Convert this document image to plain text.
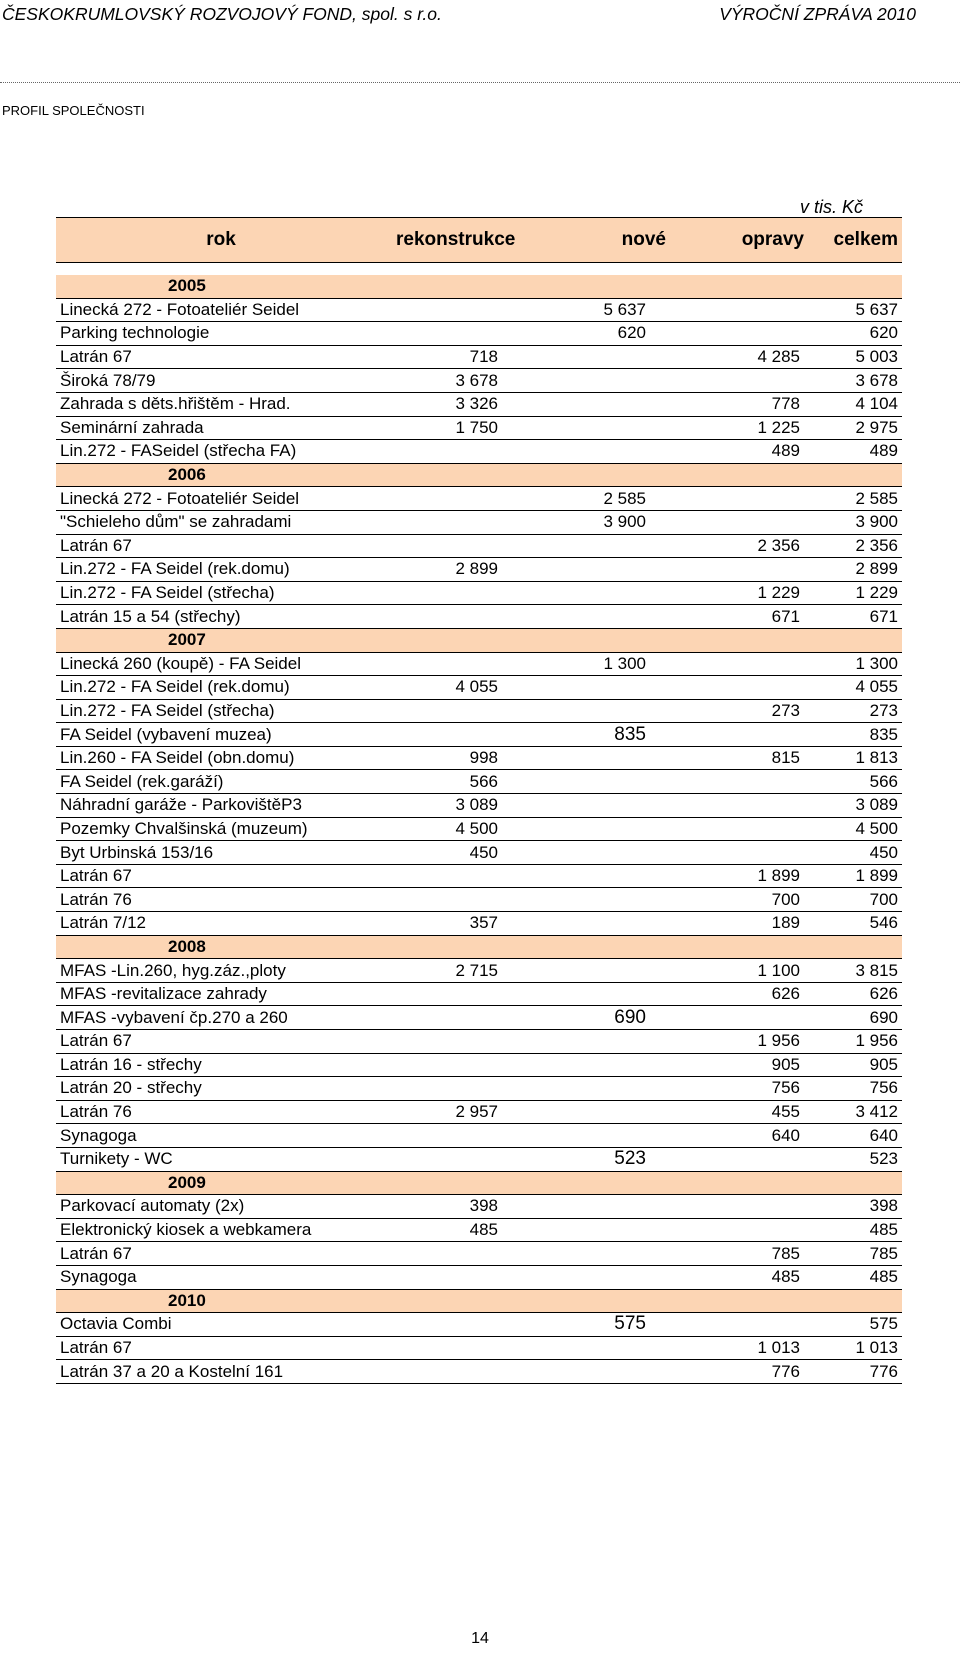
ČESKOKRUMLOVSKÝ ROZVOJOVÝ FOND, spol. s r.o.	VÝROČNÍ ZPRÁVA 2010
PROFIL SPOLEČNOSTI
v tis. Kč
rok	rekonstrukce	nové	opravy	celkem

2005				
Linecká 272 - Fotoateliér Seidel		5 637		5 637
Parking technologie		620		620
Latrán 67	718		4 285	5 003
Široká 78/79	3 678			3 678
Zahrada s děts.hřištěm - Hrad.	3 326		778	4 104
Seminární zahrada	1 750		1 225	2 975
Lin.272 - FASeidel (střecha FA)			489	489
2006				
Linecká 272 - Fotoateliér Seidel		2 585		2 585
"Schieleho dům" se zahradami		3 900		3 900
Latrán 67			2 356	2 356
Lin.272 - FA Seidel (rek.domu)	2 899			2 899
Lin.272 - FA Seidel (střecha)			1 229	1 229
Latrán 15 a 54 (střechy)			671	671
2007				
Linecká 260 (koupě) - FA Seidel		1 300		1 300
Lin.272 - FA Seidel (rek.domu)	4 055			4 055
Lin.272 - FA Seidel (střecha)			273	273
FA Seidel (vybavení muzea)		835		835
Lin.260 - FA Seidel (obn.domu)	998		815	1 813
FA Seidel (rek.garáží)	566			566
Náhradní garáže - ParkovištěP3	3 089			3 089
Pozemky Chvalšinská (muzeum)	4 500			4 500
Byt Urbinská 153/16	450			450
Latrán 67			1 899	1 899
Latrán 76			700	700
Latrán 7/12	357		189	546
2008				
MFAS -Lin.260, hyg.záz.,ploty	2 715		1 100	3 815
MFAS -revitalizace zahrady			626	626
MFAS -vybavení čp.270 a 260		690		690
Latrán 67			1 956	1 956
Latrán 16 - střechy			905	905
Latrán 20 - střechy			756	756
Latrán 76	2 957		455	3 412
Synagoga			640	640
Turnikety - WC		523		523
2009				
Parkovací automaty (2x)	398			398
Elektronický kiosek a webkamera	485			485
Latrán 67			785	785
Synagoga			485	485
2010				
Octavia Combi		575		575
Latrán 67			1 013	1 013
Latrán 37 a 20 a Kostelní 161			776	776
14
